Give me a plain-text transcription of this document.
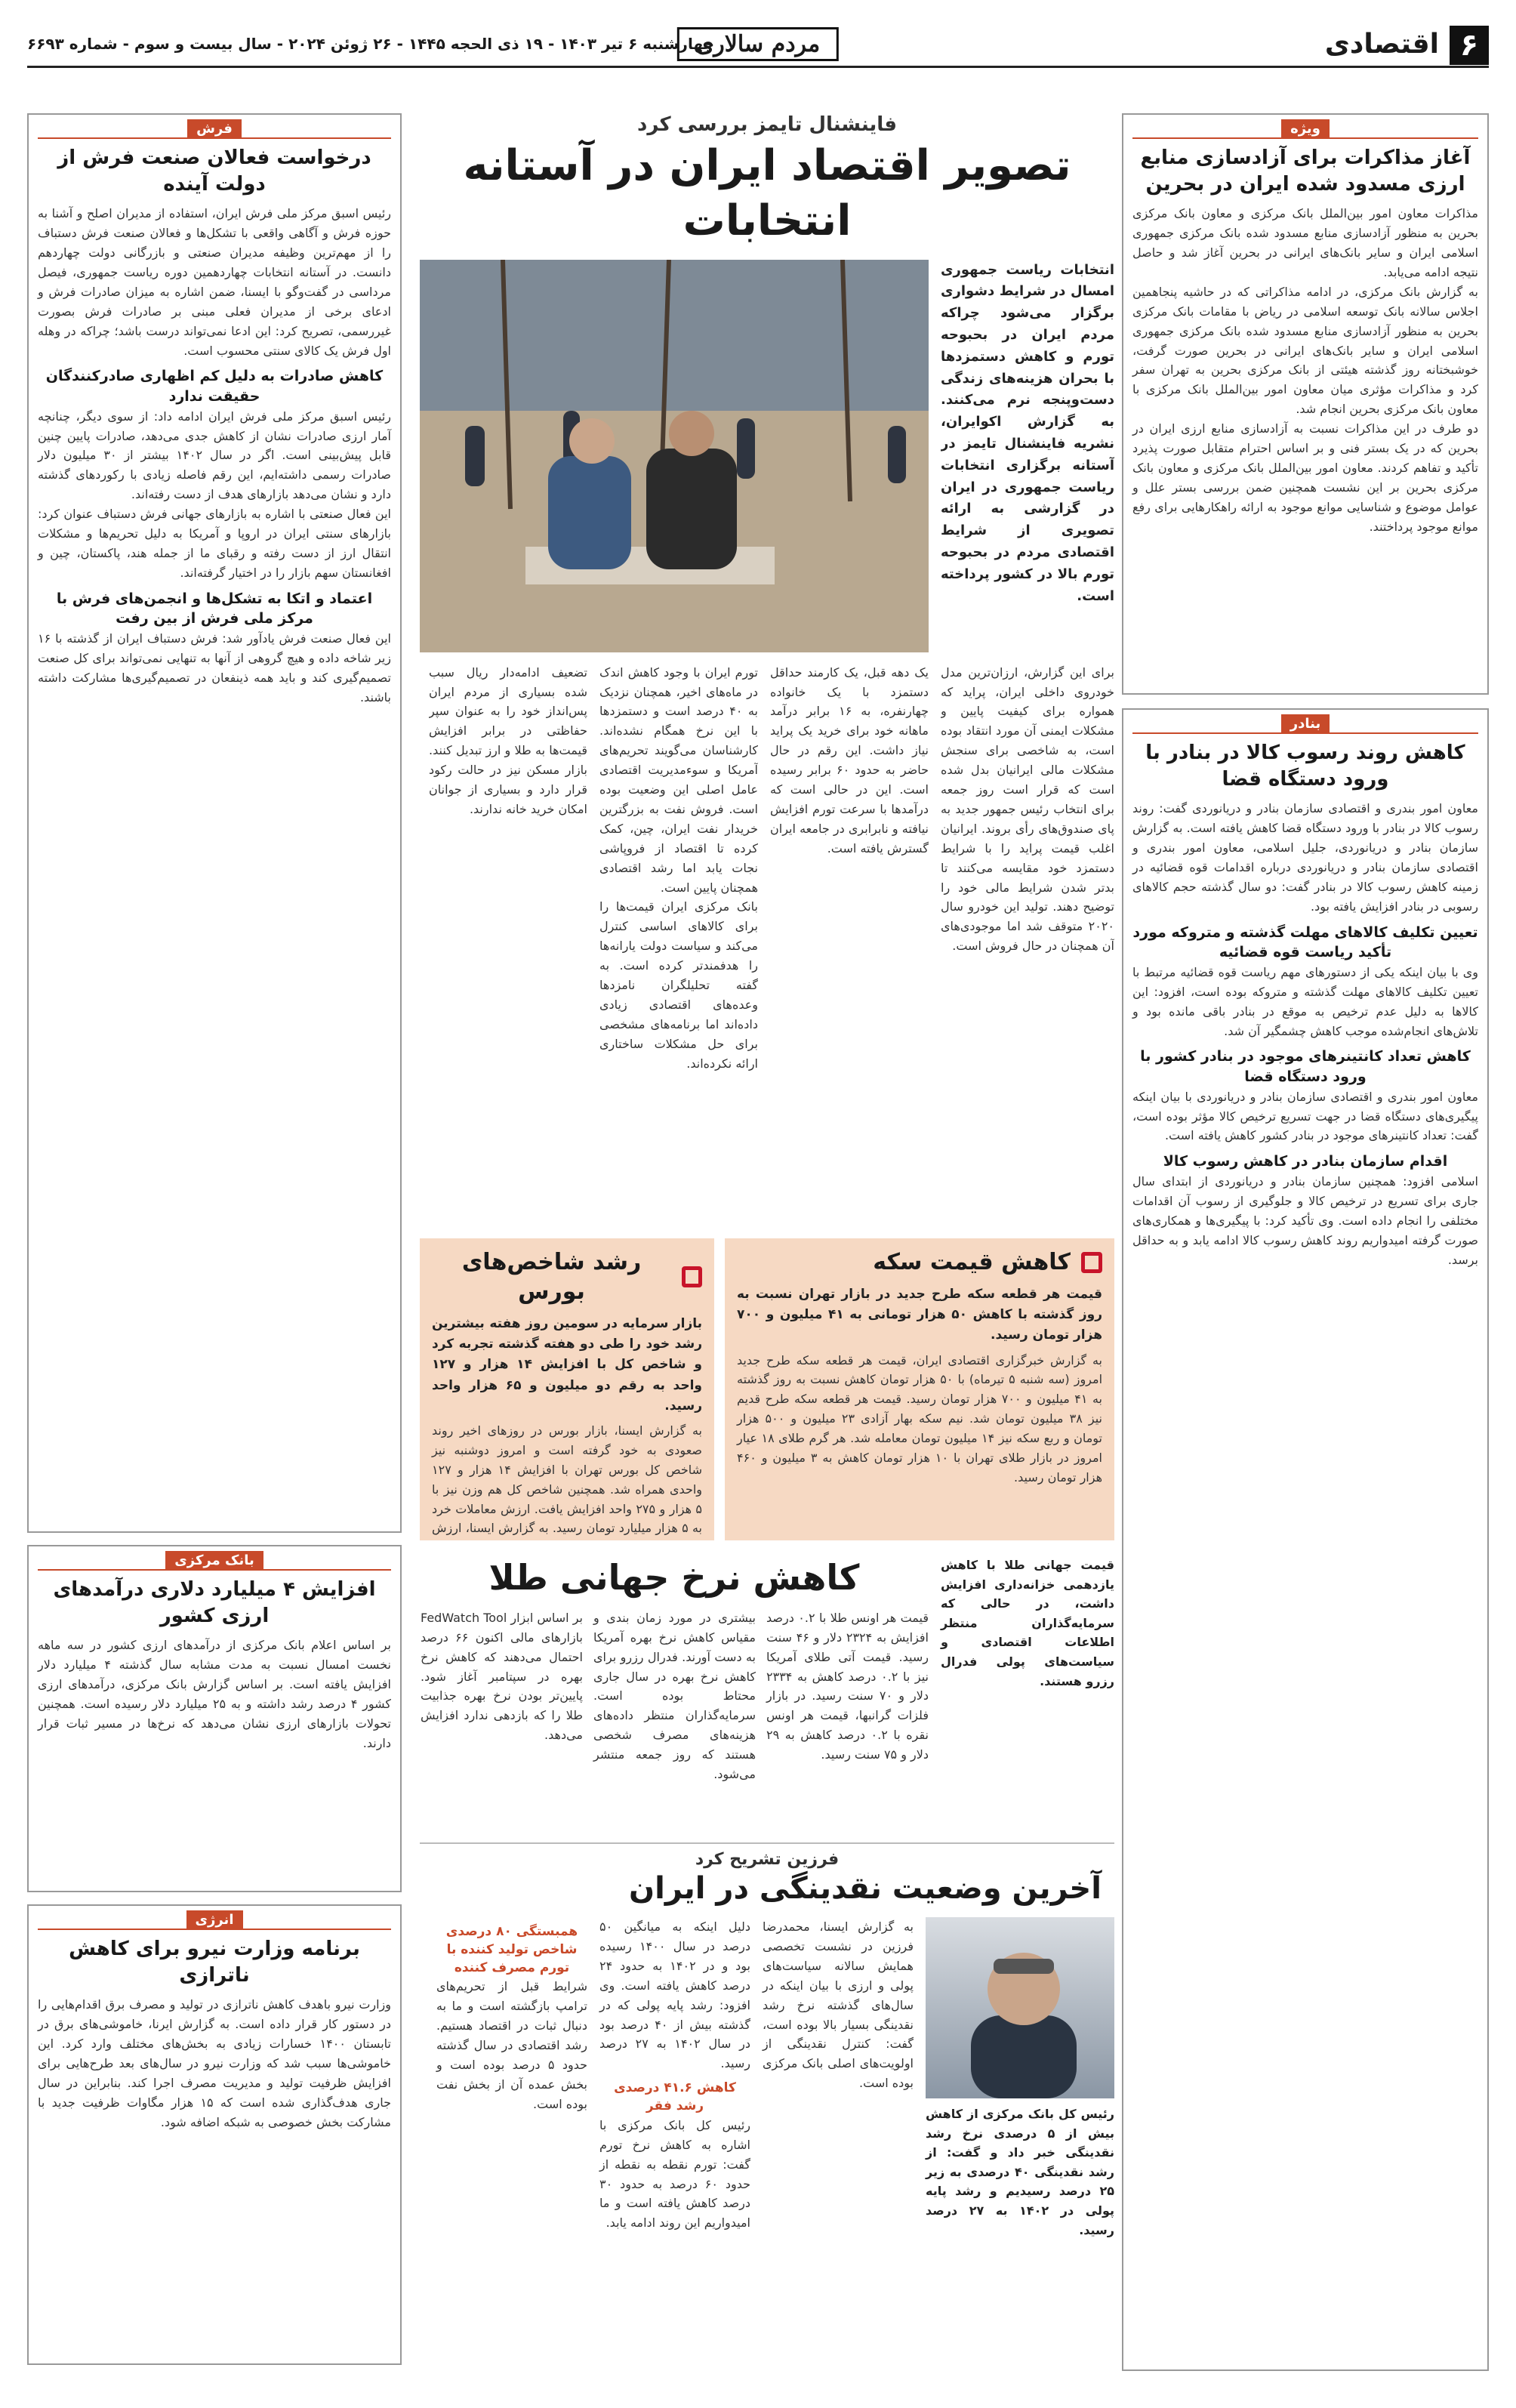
۶
اقتصادی
مردم سالاری
چهارشنبه ۶ تیر ۱۴۰۳ - ۱۹ ذی الحجه ۱۴۴۵ - ۲۶ ژوئن ۲۰۲۴ - سال بیست و سوم - شماره ۶۶۹۳
ویژه
آغاز مذاکرات برای آزادسازی منابع ارزی مسدود شده ایران در بحرین

مذاکرات معاون امور بین‌الملل بانک مرکزی و معاون بانک مرکزی بحرین به منظور آزادسازی منابع مسدود شده بانک مرکزی جمهوری اسلامی ایران و سایر بانک‌های ایرانی در بحرین آغاز شد و حاصل نتیجه ادامه می‌یابد.

به گزارش بانک مرکزی، در ادامه مذاکراتی که در حاشیه پنجاهمین اجلاس سالانه بانک توسعه اسلامی در ریاض با مقامات بانک مرکزی بحرین به منظور آزادسازی منابع مسدود شده بانک مرکزی جمهوری اسلامی ایران و سایر بانک‌های ایرانی در بحرین صورت گرفت، خوشبختانه روز گذشته هیئتی از بانک مرکزی بحرین به تهران سفر کرد و مذاکرات مؤثری میان معاون امور بین‌الملل بانک مرکزی با معاون بانک مرکزی بحرین انجام شد.

دو طرف در این مذاکرات نسبت به آزادسازی منابع ارزی ایران در بحرین که در یک بستر فنی و بر اساس احترام متقابل صورت پذیرد تأکید و تفاهم کردند. معاون امور بین‌الملل بانک مرکزی و معاون بانک مرکزی بحرین بر این نشست همچنین ضمن بررسی بستر علل و عوامل موضوع و شناسایی موانع موجود به ارائه راهکارهایی برای رفع موانع موجود پرداختند.

بنادر
کاهش روند رسوب کالا در بنادر با ورود دستگاه قضا

معاون امور بندری و اقتصادی سازمان بنادر و دریانوردی گفت: روند رسوب کالا در بنادر با ورود دستگاه قضا کاهش یافته است. به گزارش سازمان بنادر و دریانوردی، جلیل اسلامی، معاون امور بندری و اقتصادی سازمان بنادر و دریانوردی درباره اقدامات قوه قضائیه در زمینه کاهش رسوب کالا در بنادر گفت: دو سال گذشته حجم کالاهای رسوبی در بنادر افزایش یافته بود.

تعیین تکلیف کالاهای مهلت گذشته و متروکه مورد تأکید ریاست قوه قضائیه

وی با بیان اینکه یکی از دستورهای مهم ریاست قوه قضائیه مرتبط با تعیین تکلیف کالاهای مهلت گذشته و متروکه بوده است، افزود: این کالاها به دلیل عدم ترخیص به موقع در بنادر باقی مانده بود و تلاش‌های انجام‌شده موجب کاهش چشمگیر آن شد.

کاهش تعداد کانتینرهای موجود در بنادر کشور با ورود دستگاه قضا

معاون امور بندری و اقتصادی سازمان بنادر و دریانوردی با بیان اینکه پیگیری‌های دستگاه قضا در جهت تسریع ترخیص کالا مؤثر بوده است، گفت: تعداد کانتینرهای موجود در بنادر کشور کاهش یافته است.

اقدام سازمان بنادر در کاهش رسوب کالا

اسلامی افزود: همچنین سازمان بنادر و دریانوردی از ابتدای سال جاری برای تسریع در ترخیص کالا و جلوگیری از رسوب آن اقدامات مختلفی را انجام داده است. وی تأکید کرد: با پیگیری‌ها و همکاری‌های صورت گرفته امیدواریم روند کاهش رسوب کالا ادامه یابد و به حداقل برسد.

فرش
درخواست فعالان صنعت فرش از دولت آینده

رئیس اسبق مرکز ملی فرش ایران، استفاده از مدیران اصلح و آشنا به حوزه فرش و آگاهی واقعی با تشکل‌ها و فعالان صنعت فرش دستباف را از مهم‌ترین وظیفه مدیران صنعتی و بازرگانی دولت چهاردهم دانست. در آستانه انتخابات چهاردهمین دوره ریاست جمهوری، فیصل مرداسی در گفت‌وگو با ایسنا، ضمن اشاره به میزان صادرات فرش و ادعای برخی از مدیران فعلی مبنی بر صادرات فرش بصورت غیررسمی، تصریح کرد: این ادعا نمی‌تواند درست باشد؛ چراکه در وهله اول فرش یک کالای سنتی محسوب است.

کاهش صادرات به دلیل کم اظهاری صادرکنندگان حقیقت ندارد

رئیس اسبق مرکز ملی فرش ایران ادامه داد: از سوی دیگر، چنانچه آمار ارزی صادرات نشان از کاهش جدی می‌دهد، صادرات پایین چنین قابل پیش‌بینی است. اگر در سال ۱۴۰۲ بیشتر از ۳۰ میلیون دلار صادرات رسمی داشته‌ایم، این رقم فاصله زیادی با رکوردهای گذشته دارد و نشان می‌دهد بازارهای هدف از دست رفته‌اند.

این فعال صنعتی با اشاره به بازارهای جهانی فرش دستباف عنوان کرد: بازارهای سنتی ایران در اروپا و آمریکا به دلیل تحریم‌ها و مشکلات انتقال ارز از دست رفته و رقبای ما از جمله هند، پاکستان، چین و افغانستان سهم بازار را در اختیار گرفته‌اند.

اعتماد و اتکا به تشکل‌ها و انجمن‌های فرش با مرکز ملی فرش از بین رفت

این فعال صنعت فرش یادآور شد: فرش دستباف ایران از گذشته با ۱۶ زیر شاخه داده و هیچ گروهی از آنها به تنهایی نمی‌تواند برای کل صنعت تصمیم‌گیری کند و باید همه ذینفعان در تصمیم‌گیری‌ها مشارکت داشته باشند.

بانک مرکزی
افزایش ۴ میلیارد دلاری درآمدهای ارزی کشور

بر اساس اعلام بانک مرکزی از درآمدهای ارزی کشور در سه ماهه نخست امسال نسبت به مدت مشابه سال گذشته ۴ میلیارد دلار افزایش یافته است. بر اساس گزارش بانک مرکزی، درآمدهای ارزی کشور ۴ درصد رشد داشته و به ۲۵ میلیارد دلار رسیده است. همچنین تحولات بازارهای ارزی نشان می‌دهد که نرخ‌ها در مسیر ثبات قرار دارند.

انرژی
برنامه وزارت نیرو برای کاهش ناترازی

وزارت نیرو باهدف کاهش ناترازی در تولید و مصرف برق اقدام‌هایی را در دستور کار قرار داده است. به گزارش ایرنا، خاموشی‌های برق در تابستان ۱۴۰۰ خسارات زیادی به بخش‌های مختلف وارد کرد. این خاموشی‌ها سبب شد که وزارت نیرو در سال‌های بعد طرح‌هایی برای افزایش ظرفیت تولید و مدیریت مصرف اجرا کند. بنابراین در سال جاری هدف‌گذاری شده است که ۱۵ هزار مگاوات ظرفیت جدید با مشارکت بخش خصوصی به شبکه اضافه شود.

فاینشنال تایمز بررسی کرد
تصویر اقتصاد ایران در آستانه انتخابات

انتخابات ریاست جمهوری امسال در شرایط دشواری برگزار می‌شود چراکه مردم ایران در بحبوحه تورم و کاهش دستمزدها با بحران هزینه‌های زندگی دست‌وپنجه نرم می‌کنند. به گزارش اکوایران، نشریه فاینشنال تایمز در آستانه برگزاری انتخابات ریاست جمهوری در ایران در گزارشی به ارائه تصویری از شرایط اقتصادی مردم در بحبوحه تورم بالا در کشور پرداخته است.

برای این گزارش، ارزان‌ترین مدل خودروی داخلی ایران، پراید که همواره برای کیفیت پایین و مشکلات ایمنی آن مورد انتقاد بوده است، به شاخصی برای سنجش مشکلات مالی ایرانیان بدل شده است که قرار است روز جمعه برای انتخاب رئیس جمهور جدید به پای صندوق‌های رأی بروند. ایرانیان اغلب قیمت پراید را با شرایط دستمزد خود مقایسه می‌کنند تا بدتر شدن شرایط مالی خود را توضیح دهند. تولید این خودرو سال ۲۰۲۰ متوقف شد اما موجودی‌های آن همچنان در حال فروش است.

یک دهه قبل، یک کارمند حداقل دستمزد با یک خانواده چهارنفره، به ۱۶ برابر درآمد ماهانه خود برای خرید یک پراید نیاز داشت. این رقم در حال حاضر به حدود ۶۰ برابر رسیده است. این در حالی است که درآمدها با سرعت تورم افزایش نیافته و نابرابری در جامعه ایران گسترش یافته است.

تورم ایران با وجود کاهش اندک در ماه‌های اخیر، همچنان نزدیک به ۴۰ درصد است و دستمزدها با این نرخ همگام نشده‌اند. کارشناسان می‌گویند تحریم‌های آمریکا و سوءمدیریت اقتصادی عامل اصلی این وضعیت بوده است. فروش نفت به بزرگترین خریدار نفت ایران، چین، کمک کرده تا اقتصاد از فروپاشی نجات یابد اما رشد اقتصادی همچنان پایین است.

بانک مرکزی ایران قیمت‌ها را برای کالاهای اساسی کنترل می‌کند و سیاست دولت یارانه‌ها را هدفمندتر کرده است. به گفته تحلیلگران نامزدها وعده‌های اقتصادی زیادی داده‌اند اما برنامه‌های مشخصی برای حل مشکلات ساختاری ارائه نکرده‌اند.

تضعیف ادامه‌دار ریال سبب شده بسیاری از مردم ایران پس‌انداز خود را به عنوان سپر حفاظتی در برابر افزایش قیمت‌ها به طلا و ارز تبدیل کنند. بازار مسکن نیز در حالت رکود قرار دارد و بسیاری از جوانان امکان خرید خانه ندارند.

کاهش قیمت سکه

قیمت هر قطعه سکه طرح جدید در بازار تهران نسبت به روز گذشته با کاهش ۵۰ هزار تومانی به ۴۱ میلیون و ۷۰۰ هزار تومان رسید.

به گزارش خبرگزاری اقتصادی ایران، قیمت هر قطعه سکه طرح جدید امروز (سه شنبه ۵ تیرماه) با ۵۰ هزار تومان کاهش نسبت به روز گذشته به ۴۱ میلیون و ۷۰۰ هزار تومان رسید. قیمت هر قطعه سکه طرح قدیم نیز ۳۸ میلیون تومان شد. نیم سکه بهار آزادی ۲۳ میلیون و ۵۰۰ هزار تومان و ربع سکه نیز ۱۴ میلیون تومان معامله شد. هر گرم طلای ۱۸ عیار امروز در بازار طلای تهران با ۱۰ هزار تومان کاهش به ۳ میلیون و ۴۶۰ هزار تومان رسید.

رشد شاخص‌های بورس

بازار سرمایه در سومین روز هفته بیشترین رشد خود را طی دو هفته گذشته تجربه کرد و شاخص کل با افزایش ۱۴ هزار و ۱۲۷ واحد به رقم دو میلیون و ۶۵ هزار واحد رسید.

به گزارش ایسنا، بازار بورس در روزهای اخیر روند صعودی به خود گرفته است و امروز دوشنبه نیز شاخص کل بورس تهران با افزایش ۱۴ هزار و ۱۲۷ واحدی همراه شد. همچنین شاخص کل هم وزن نیز با ۵ هزار و ۲۷۵ واحد افزایش یافت. ارزش معاملات خرد به ۵ هزار میلیارد تومان رسید. به گزارش ایسنا، ارزش

قیمت جهانی طلا با کاهش یازدهمی خزانه‌داری افزایش داشت، در حالی که سرمایه‌گذاران منتظر اطلاعات اقتصادی و سیاست‌های پولی فدرال رزرو هستند.

کاهش نرخ جهانی طلا

قیمت هر اونس طلا با ۰.۲ درصد افزایش به ۲۳۲۴ دلار و ۴۶ سنت رسید. قیمت آتی طلای آمریکا نیز با ۰.۲ درصد کاهش به ۲۳۳۴ دلار و ۷۰ سنت رسید. در بازار فلزات گرانبها، قیمت هر اونس نقره با ۰.۲ درصد کاهش به ۲۹ دلار و ۷۵ سنت رسید.

بیشتری در مورد زمان بندی و مقیاس کاهش نرخ بهره آمریکا به دست آورند. فدرال رزرو برای کاهش نرخ بهره در سال جاری محتاط بوده است. سرمایه‌گذاران منتظر داده‌های هزینه‌های مصرف شخصی هستند که روز جمعه منتشر می‌شود.

بر اساس ابزار FedWatch Tool بازارهای مالی اکنون ۶۶ درصد احتمال می‌دهند که کاهش نرخ بهره در سپتامبر آغاز شود. پایین‌تر بودن نرخ بهره جذابیت طلا را که بازدهی ندارد افزایش می‌دهد.

فرزین تشریح کرد
آخرین وضعیت نقدینگی در ایران

رئیس کل بانک مرکزی از کاهش بیش از ۵ درصدی نرخ رشد نقدینگی خبر داد و گفت: از رشد نقدینگی ۴۰ درصدی به زیر ۲۵ درصد رسیدیم و رشد پایه پولی در ۱۴۰۲ به ۲۷ درصد رسید.

به گزارش ایسنا، محمدرضا فرزین در نشست تخصصی همایش سالانه سیاست‌های پولی و ارزی با بیان اینکه در سال‌های گذشته نرخ رشد نقدینگی بسیار بالا بوده است، گفت: کنترل نقدینگی از اولویت‌های اصلی بانک مرکزی بوده است.

دلیل اینکه به میانگین ۵۰ درصد در سال ۱۴۰۰ رسیده بود و در ۱۴۰۲ به حدود ۲۴ درصد کاهش یافته است. وی افزود: رشد پایه پولی که در گذشته بیش از ۴۰ درصد بود در سال ۱۴۰۲ به ۲۷ درصد رسید.

کاهش ۴۱.۶ درصدی رشد فقر

رئیس کل بانک مرکزی با اشاره به کاهش نرخ تورم گفت: تورم نقطه به نقطه از حدود ۶۰ درصد به حدود ۳۰ درصد کاهش یافته است و ما امیدواریم این روند ادامه یابد.

همبستگی ۸۰ درصدی شاخص تولید کننده با تورم مصرف کننده

شرایط قبل از تحریم‌های ترامپ بازگشته است و ما به دنبال ثبات در اقتصاد هستیم. رشد اقتصادی در سال گذشته حدود ۵ درصد بوده است و بخش عمده آن از بخش نفت بوده است.
